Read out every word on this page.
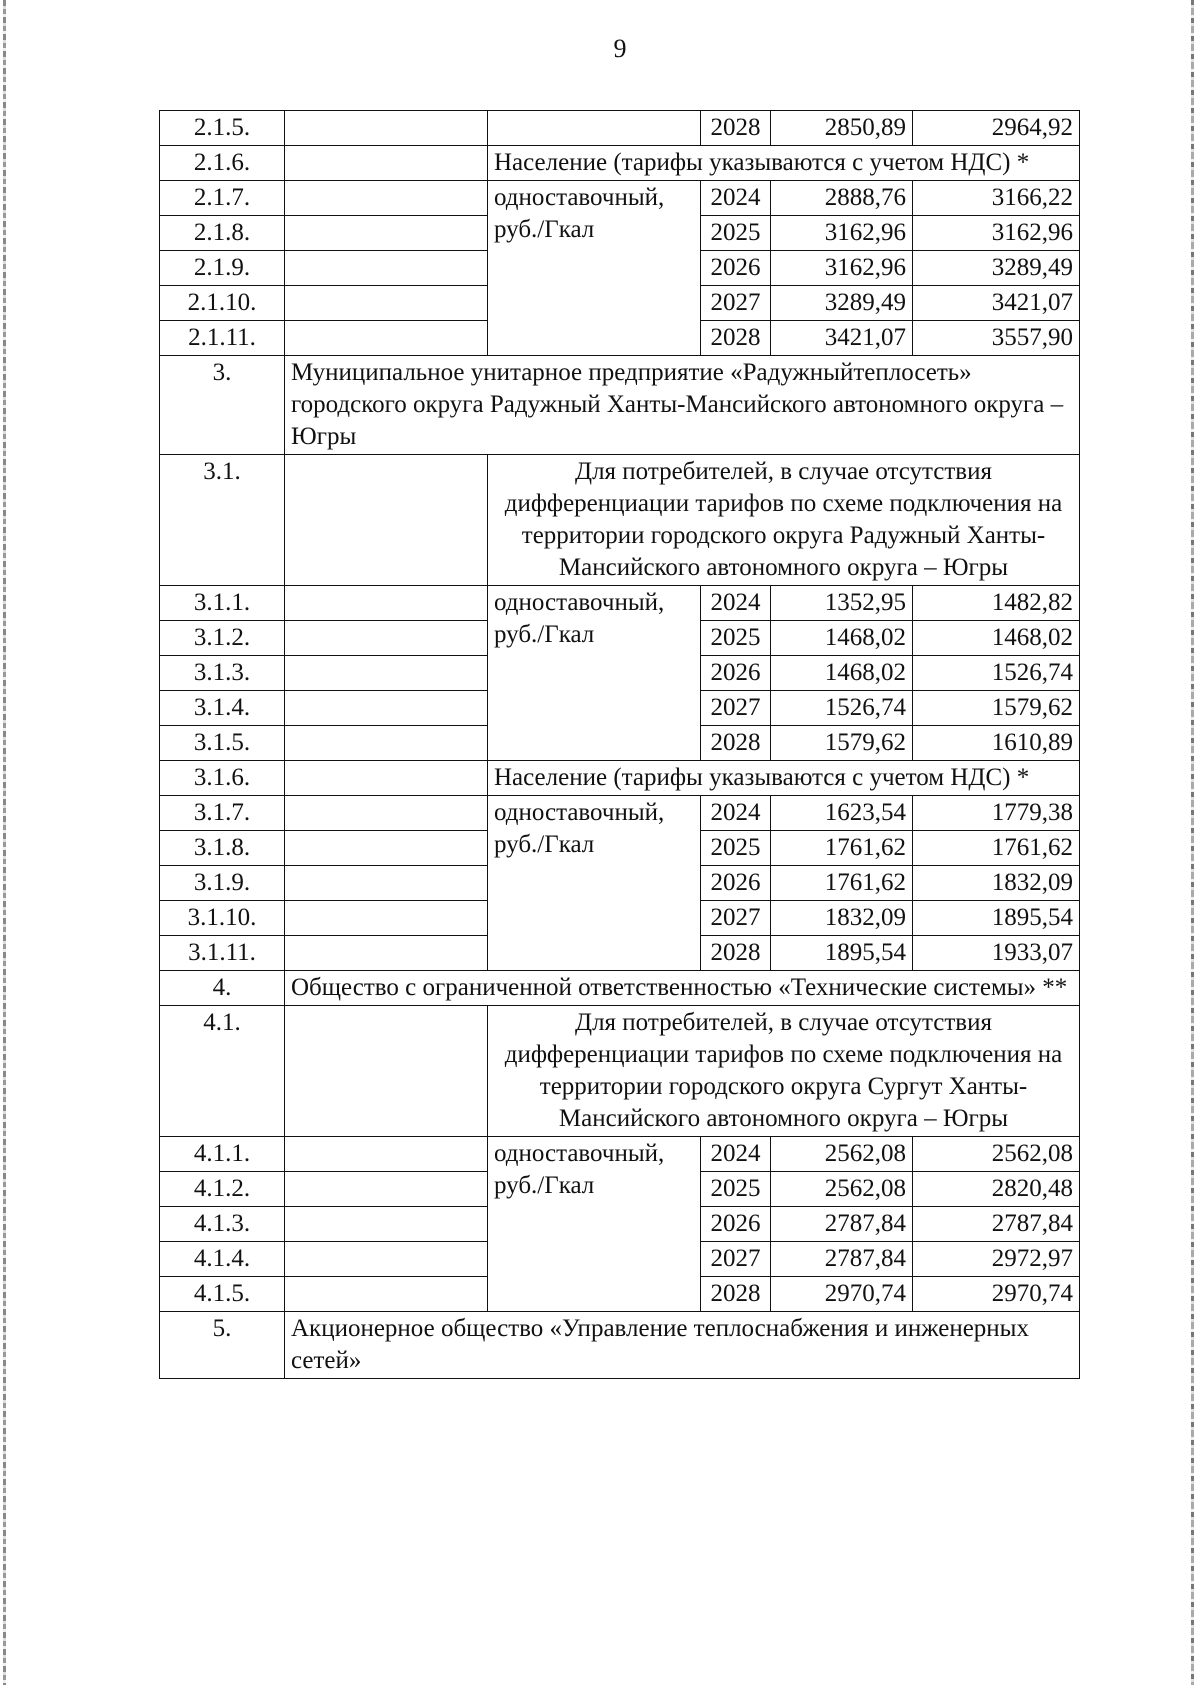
9
2.1.5.			2028	2850,89	2964,92
2.1.6.		Население (тарифы указываются с учетом НДС) *			
2.1.7.		одноставочный, руб./Гкал	2024	2888,76	3166,22
2.1.8.			2025	3162,96	3162,96
2.1.9.			2026	3162,96	3289,49
2.1.10.			2027	3289,49	3421,07
2.1.11.			2028	3421,07	3557,90
3.	Муниципальное унитарное предприятие «Радужныйтеплосеть» городского округа Радужный Ханты-Мансийского автономного округа – Югры				
3.1.		Для потребителей, в случае отсутствия дифференциации тарифов по схеме подключения на территории городского округа Радужный Ханты-Мансийского автономного округа – Югры			
3.1.1.		одноставочный, руб./Гкал	2024	1352,95	1482,82
3.1.2.			2025	1468,02	1468,02
3.1.3.			2026	1468,02	1526,74
3.1.4.			2027	1526,74	1579,62
3.1.5.			2028	1579,62	1610,89
3.1.6.		Население (тарифы указываются с учетом НДС) *			
3.1.7.		одноставочный, руб./Гкал	2024	1623,54	1779,38
3.1.8.			2025	1761,62	1761,62
3.1.9.			2026	1761,62	1832,09
3.1.10.			2027	1832,09	1895,54
3.1.11.			2028	1895,54	1933,07
4.	Общество с ограниченной ответственностью «Технические системы» **				
4.1.		Для потребителей, в случае отсутствия дифференциации тарифов по схеме подключения на территории городского округа Сургут Ханты-Мансийского автономного округа – Югры			
4.1.1.		одноставочный, руб./Гкал	2024	2562,08	2562,08
4.1.2.			2025	2562,08	2820,48
4.1.3.			2026	2787,84	2787,84
4.1.4.			2027	2787,84	2972,97
4.1.5.			2028	2970,74	2970,74
5.	Акционерное общество «Управление теплоснабжения и инженерных сетей»				
